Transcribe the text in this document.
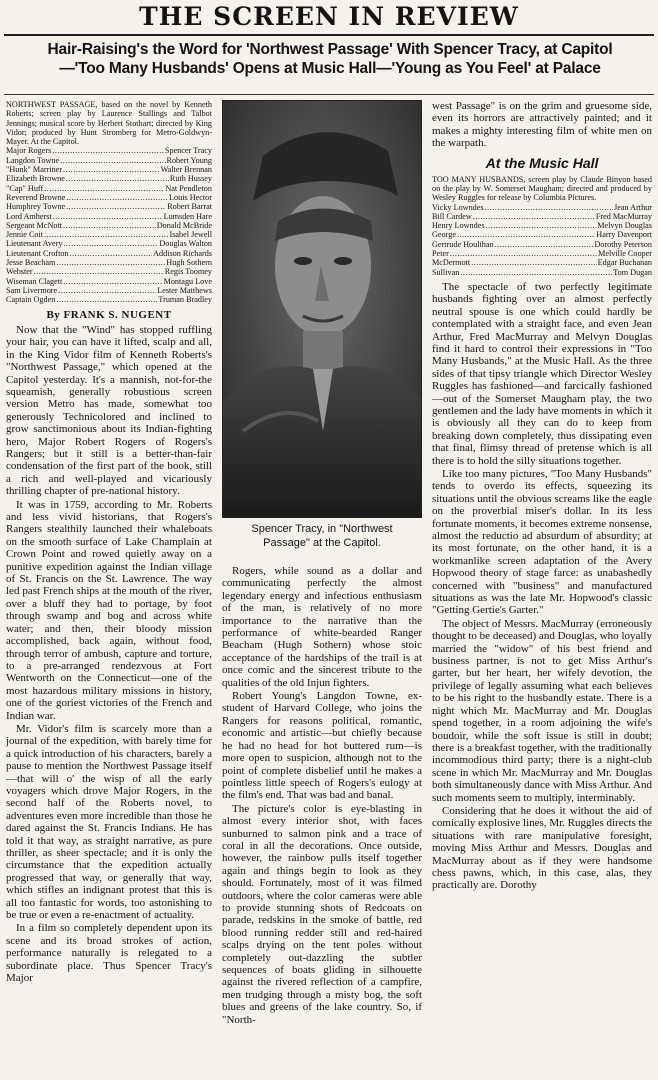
THE SCREEN IN REVIEW
Hair-Raising's the Word for 'Northwest Passage' With Spencer Tracy, at Capitol
—'Too Many Husbands' Opens at Music Hall—'Young as You Feel' at Palace
NORTHWEST PASSAGE, based on the novel by Kenneth Roberts; screen play by Laurence Stallings and Talbot Jennings; musical score by Herbert Stothart; directed by King Vidor; produced by Hunt Stromberg for Metro-Goldwyn-Mayer. At the Capitol.
Major Rogers .....	Spencer Tracy
Langdon Towne .....	Robert Young
"Hunk" Marriner .....	Walter Brennan
Elizabeth Browne .....	Ruth Hussey
"Cap" Huff .....	Nat Pendleton
Reverend Browne .....	Louis Hector
Humphrey Towne .....	Robert Barrat
Lord Amherst .....	Lumsden Hare
Sergeant McNott .....	Donald McBride
Jennie Coit .....	Isabel Jewell
Lieutenant Avery .....	Douglas Walton
Lieutenant Crofton .....	Addison Richards
Jesse Beacham .....	Hugh Sothern
Webster .....	Regis Toomey
Wiseman Clagett .....	Montagu Love
Sam Livermore .....	Lester Matthews
Captain Ogden .....	Truman Bradley
By FRANK S. NUGENT
Now that the "Wind" has stopped ruffling your hair, you can have it lifted, scalp and all, in the King Vidor film of Kenneth Roberts's "Northwest Passage," which opened at the Capitol yesterday. It's a mannish, not-for-the squeamish, generally robustious screen version Metro has made, somewhat too generously Technicolored and inclined to grow sanctimonious about its Indian-fighting hero, Major Robert Rogers of Rogers's Rangers; but it still is a better-than-fair condensation of the first part of the book, still a rich and well-played and vicariously thrilling chapter of pre-national history.
It was in 1759, according to Mr. Roberts and less vivid historians, that Rogers's Rangers stealthily launched their whaleboats on the smooth surface of Lake Champlain at Crown Point and rowed quietly away on a punitive expedition against the Indian village of St. Francis on the St. Lawrence. The way led past French ships at the mouth of the river, over a bluff they had to portage, by foot through swamp and bog and across white water; and then, their bloody mission accomplished, back again, without food, through terror of ambush, capture and torture, to a pre-arranged rendezvous at Fort Wentworth on the Connecticut—one of the most hazardous military missions in history, one of the goriest victories of the French and Indian war.
Mr. Vidor's film is scarcely more than a journal of the expedition, with barely time for a quick introduction of his characters, barely a pause to mention the Northwest Passage itself—that will o' the wisp of all the early voyagers which drove Major Rogers, in the second half of the Roberts novel, to adventures even more incredible than those he dared against the St. Francis Indians. He has told it that way, as straight narrative, as pure thriller, as sheer spectacle; and it is only the circumstance that the expedition actually progressed that way, or generally that way, which stifles an indignant protest that this is all too fantastic for words, too astonishing to be true or even a re-enactment of actuality.
In a film so completely dependent upon its scene and its broad strokes of action, performance naturally is relegated to a subordinate place. Thus Spencer Tracy's Major
Spencer Tracy, in "Northwest
Passage" at the Capitol.
Rogers, while sound as a dollar and communicating perfectly the almost legendary energy and infectious enthusiasm of the man, is relatively of no more importance to the narrative than the performance of white-bearded Ranger Beacham (Hugh Sothern) whose stoic acceptance of the hardships of the trail is at once comic and the sincerest tribute to the qualities of the old Injun fighters.
Robert Young's Langdon Towne, ex-student of Harvard College, who joins the Rangers for reasons political, romantic, economic and artistic—but chiefly because he had no head for hot buttered rum—is more open to suspicion, although not to the point of complete disbelief until he makes a pointless little speech of Rogers's eulogy at the film's end. That was bad and banal.
The picture's color is eye-blasting in almost every interior shot, with faces sunburned to salmon pink and a trace of coral in all the decorations. Once outside, however, the rainbow pulls itself together again and things begin to look as they should. Fortunately, most of it was filmed outdoors, where the color cameras were able to provide stunning shots of Redcoats on parade, redskins in the smoke of battle, red blood running redder still and red-haired scalps drying on the tent poles without completely out-dazzling the subtler sequences of boats gliding in silhouette against the rivered reflection of a campfire, men trudging through a misty bog, the soft blues and greens of the lake country. So, if "North-
west Passage" is on the grim and gruesome side, even its horrors are attractively painted; and it makes a mighty interesting film of white men on the warpath.
At the Music Hall
TOO MANY HUSBANDS, screen play by Claude Binyon based on the play by W. Somerset Maugham; directed and produced by Wesley Ruggles for release by Columbia Pictures.
Vicky Lowndes .....	Jean Arthur
Bill Cardew .....	Fred MacMurray
Henry Lowndes .....	Melvyn Douglas
George .....	Harry Davenport
Gertrude Houlihan .....	Dorothy Peterson
Peter .....	Melville Cooper
McDermott .....	Edgar Buchanan
Sullivan .....	Tom Dugan
The spectacle of two perfectly legitimate husbands fighting over an almost perfectly neutral spouse is one which could hardly be contemplated with a straight face, and even Jean Arthur, Fred MacMurray and Melvyn Douglas find it hard to control their expressions in "Too Many Husbands," at the Music Hall. As the three sides of that tipsy triangle which Director Wesley Ruggles has fashioned—and farcically fashioned—out of the Somerset Maugham play, the two gentlemen and the lady have moments in which it is obviously all they can do to keep from breaking down completely, thus dissipating even that final, flimsy thread of pretense which is all there is to hold the silly situations together.
Like too many pictures, "Too Many Husbands" tends to overdo its effects, squeezing its situations until the obvious screams like the eagle on the proverbial miser's dollar. In its less fortunate moments, it becomes extreme nonsense, almost the reductio ad absurdum of absurdity; at its most fortunate, on the other hand, it is a workmanlike screen adaptation of the Avery Hopwood theory of stage farce: as unabashedly concerned with "business" and manufactured situations as was the late Mr. Hopwood's classic "Getting Gertie's Garter."
The object of Messrs. MacMurray (erroneously thought to be deceased) and Douglas, who loyally married the "widow" of his best friend and business partner, is not to get Miss Arthur's garter, but her heart, her wifely devotion, the privilege of legally assuming what each believes to be his right to the husbandly estate. There is a night which Mr. MacMurray and Mr. Douglas spend together, in a room adjoining the wife's boudoir, while the soft issue is still in doubt; there is a breakfast together, with the traditionally incommodious third party; there is a night-club scene in which Mr. MacMurray and Mr. Douglas both simultaneously dance with Miss Arthur. And such moments seem to multiply, interminably.
Considering that he does it without the aid of comically explosive lines, Mr. Ruggles directs the situations with rare manipulative foresight, moving Miss Arthur and Messrs. Douglas and MacMurray about as if they were handsome chess pawns, which, in this case, alas, they practically are. Dorothy
